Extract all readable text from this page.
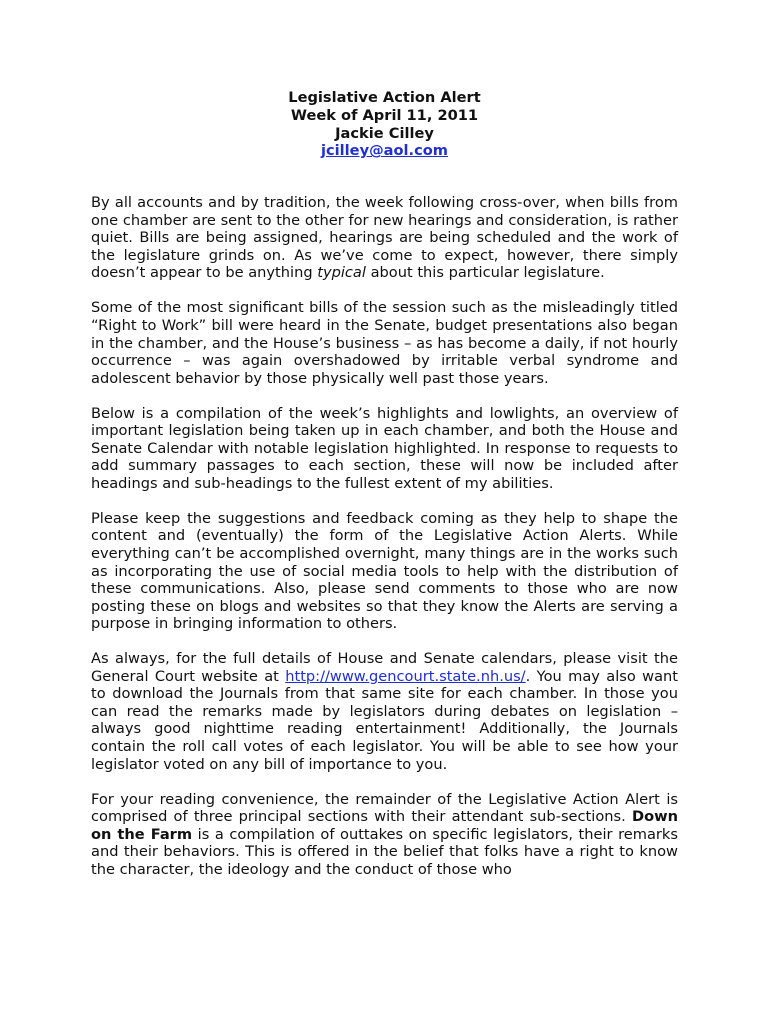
Legislative Action Alert
Week of April 11, 2011
Jackie Cilley
jcilley@aol.com

By all accounts and by tradition, the week following cross-over, when bills from one chamber are sent to the other for new hearings and consideration, is rather quiet. Bills are being assigned, hearings are being scheduled and the work of the legislature grinds on. As we’ve come to expect, however, there simply doesn’t appear to be anything typical about this particular legislature.

Some of the most significant bills of the session such as the misleadingly titled “Right to Work” bill were heard in the Senate, budget presentations also began in the chamber, and the House’s business – as has become a daily, if not hourly occurrence – was again overshadowed by irritable verbal syndrome and adolescent behavior by those physically well past those years.

Below is a compilation of the week’s highlights and lowlights, an overview of important legislation being taken up in each chamber, and both the House and Senate Calendar with notable legislation highlighted. In response to requests to add summary passages to each section, these will now be included after headings and sub-headings to the fullest extent of my abilities.

Please keep the suggestions and feedback coming as they help to shape the content and (eventually) the form of the Legislative Action Alerts. While everything can’t be accomplished overnight, many things are in the works such as incorporating the use of social media tools to help with the distribution of these communications. Also, please send comments to those who are now posting these on blogs and websites so that they know the Alerts are serving a purpose in bringing information to others.

As always, for the full details of House and Senate calendars, please visit the General Court website at http://www.gencourt.state.nh.us/. You may also want to download the Journals from that same site for each chamber. In those you can read the remarks made by legislators during debates on legislation – always good nighttime reading entertainment! Additionally, the Journals contain the roll call votes of each legislator. You will be able to see how your legislator voted on any bill of importance to you.

For your reading convenience, the remainder of the Legislative Action Alert is comprised of three principal sections with their attendant sub-sections. Down on the Farm is a compilation of outtakes on specific legislators, their remarks and their behaviors. This is offered in the belief that folks have a right to know the character, the ideology and the conduct of those who
